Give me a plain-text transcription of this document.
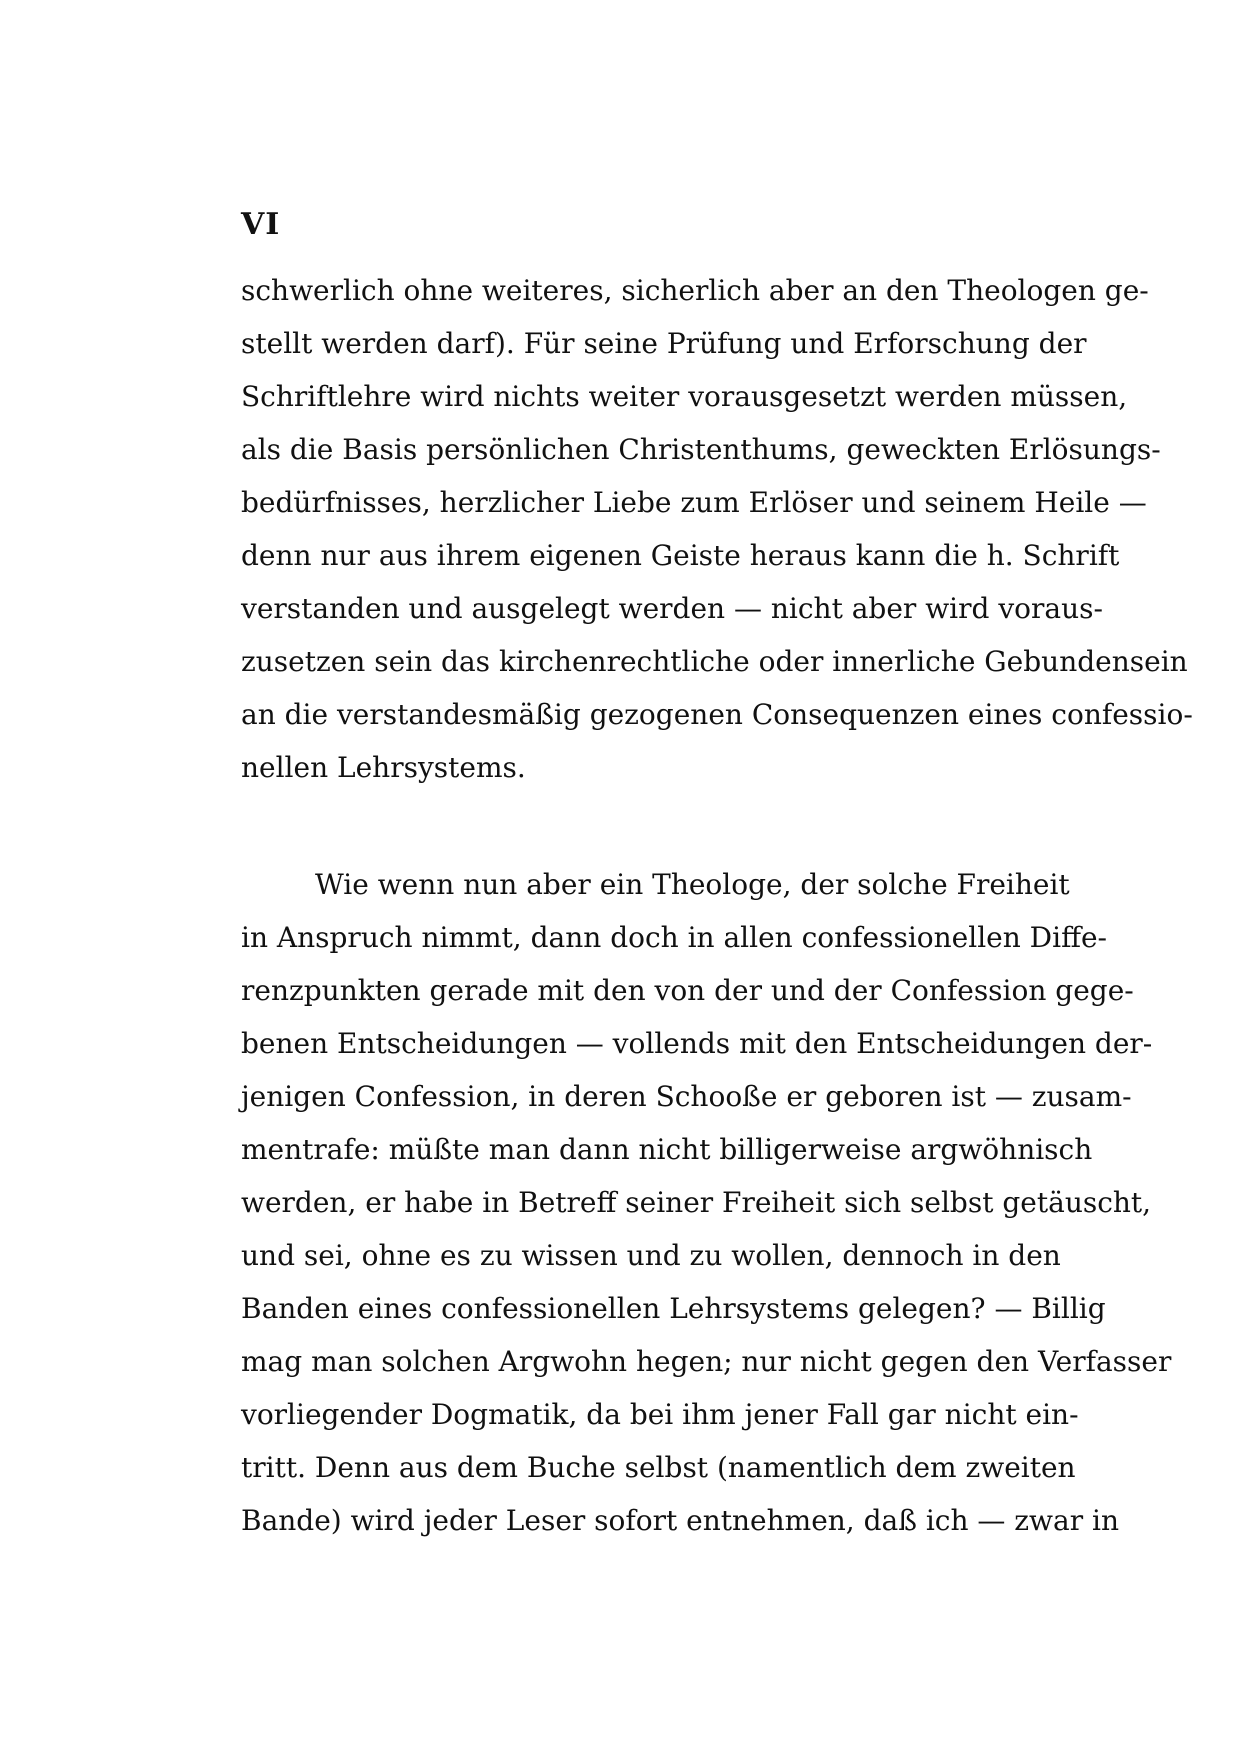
VI
schwerlich ohne weiteres, sicherlich aber an den Theologen ge-
stellt werden darf). Für seine Prüfung und Erforschung der
Schriftlehre wird nichts weiter vorausgesetzt werden müssen,
als die Basis persönlichen Christenthums, geweckten Erlösungs-
bedürfnisses, herzlicher Liebe zum Erlöser und seinem Heile —
denn nur aus ihrem eigenen Geiste heraus kann die h. Schrift
verstanden und ausgelegt werden — nicht aber wird voraus-
zusetzen sein das kirchenrechtliche oder innerliche Gebundensein
an die verstandesmäßig gezogenen Consequenzen eines confessio-
nellen Lehrsystems.
Wie wenn nun aber ein Theologe, der solche Freiheit
in Anspruch nimmt, dann doch in allen confessionellen Diffe-
renzpunkten gerade mit den von der und der Confession gege-
benen Entscheidungen — vollends mit den Entscheidungen der-
jenigen Confession, in deren Schooße er geboren ist — zusam-
mentrafe: müßte man dann nicht billigerweise argwöhnisch
werden, er habe in Betreff seiner Freiheit sich selbst getäuscht,
und sei, ohne es zu wissen und zu wollen, dennoch in den
Banden eines confessionellen Lehrsystems gelegen? — Billig
mag man solchen Argwohn hegen; nur nicht gegen den Verfasser
vorliegender Dogmatik, da bei ihm jener Fall gar nicht ein-
tritt. Denn aus dem Buche selbst (namentlich dem zweiten
Bande) wird jeder Leser sofort entnehmen, daß ich — zwar in
